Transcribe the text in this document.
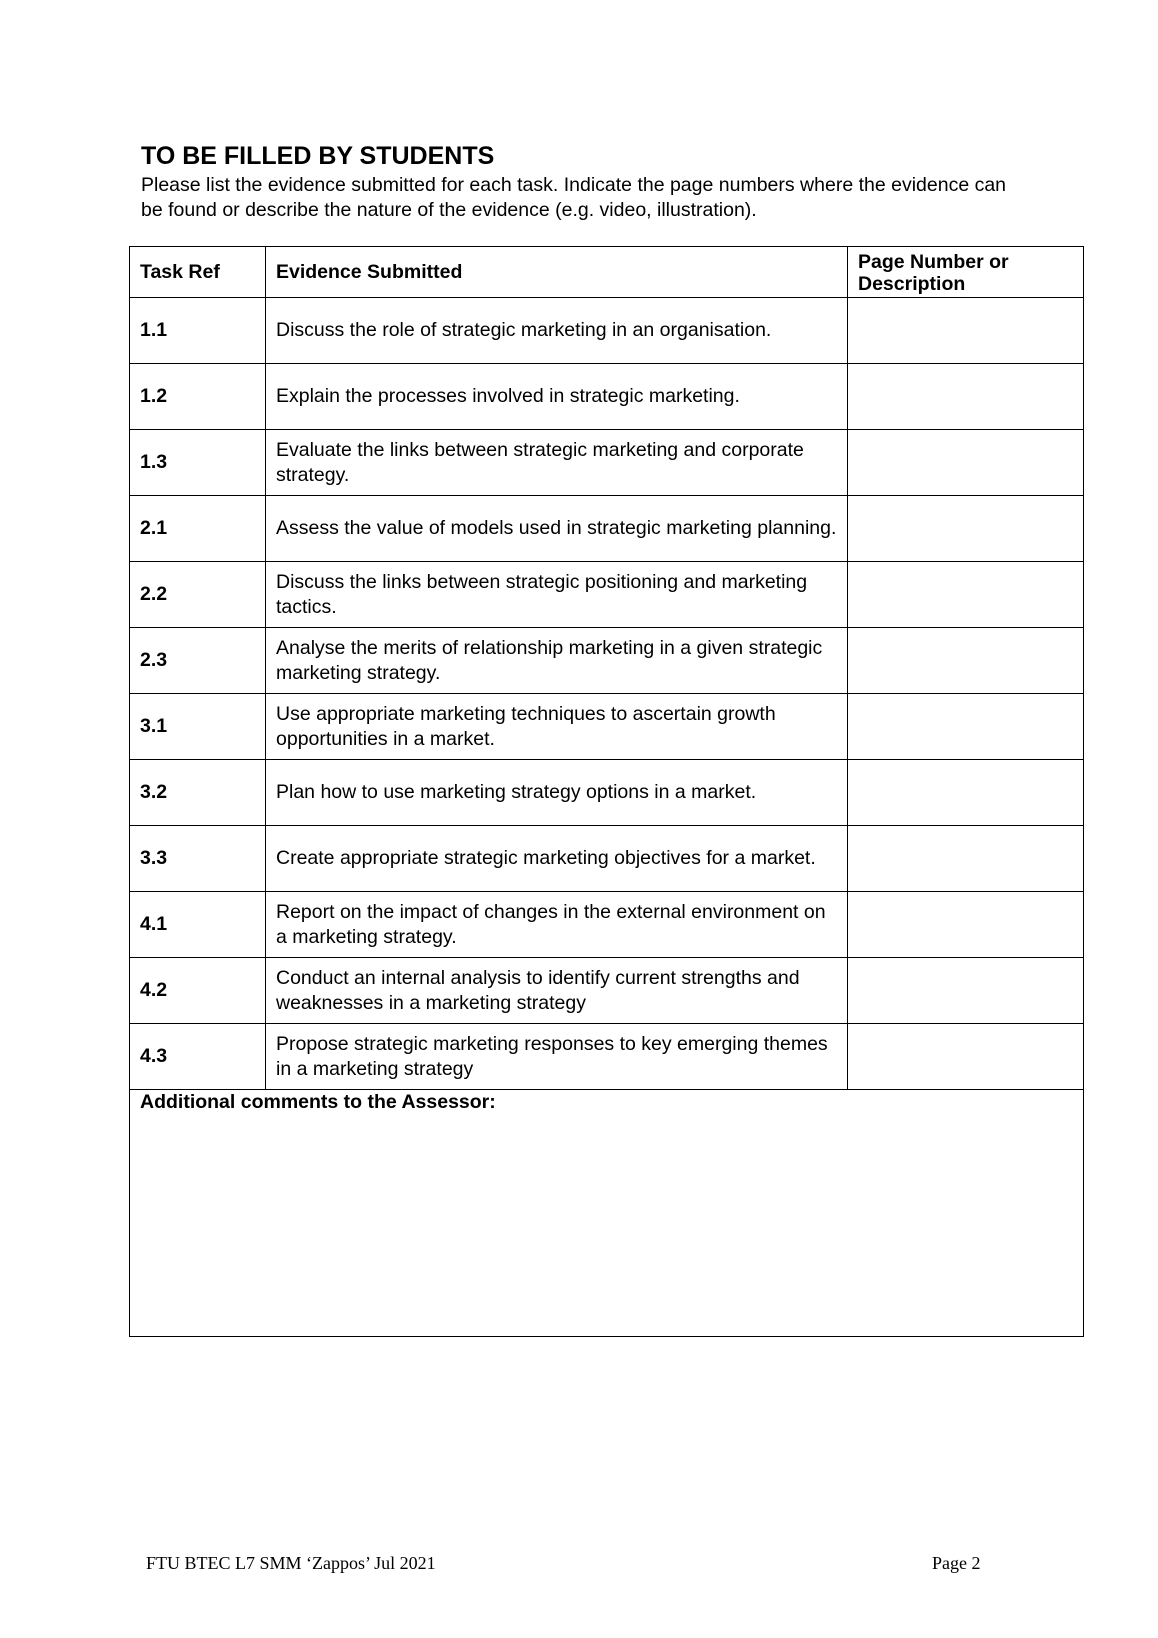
TO BE FILLED BY STUDENTS

Please list the evidence submitted for each task. Indicate the page numbers where the evidence can be found or describe the nature of the evidence (e.g. video, illustration).

Task Ref	Evidence Submitted	Page Number or Description
1.1	Discuss the role of strategic marketing in an organisation.	
1.2	Explain the processes involved in strategic marketing.	
1.3	Evaluate the links between strategic marketing and corporate strategy.	
2.1	Assess the value of models used in strategic marketing planning.	
2.2	Discuss the links between strategic positioning and marketing tactics.	
2.3	Analyse the merits of relationship marketing in a given strategic marketing strategy.	
3.1	Use appropriate marketing techniques to ascertain growth opportunities in a market.	
3.2	Plan how to use marketing strategy options in a market.	
3.3	Create appropriate strategic marketing objectives for a market.	
4.1	Report on the impact of changes in the external environment on a marketing strategy.	
4.2	Conduct an internal analysis to identify current strengths and weaknesses in a marketing strategy	
4.3	Propose strategic marketing responses to key emerging themes in a marketing strategy	
Additional comments to the Assessor:		
FTU BTEC L7 SMM ‘Zappos’ Jul 2021	Page 2
